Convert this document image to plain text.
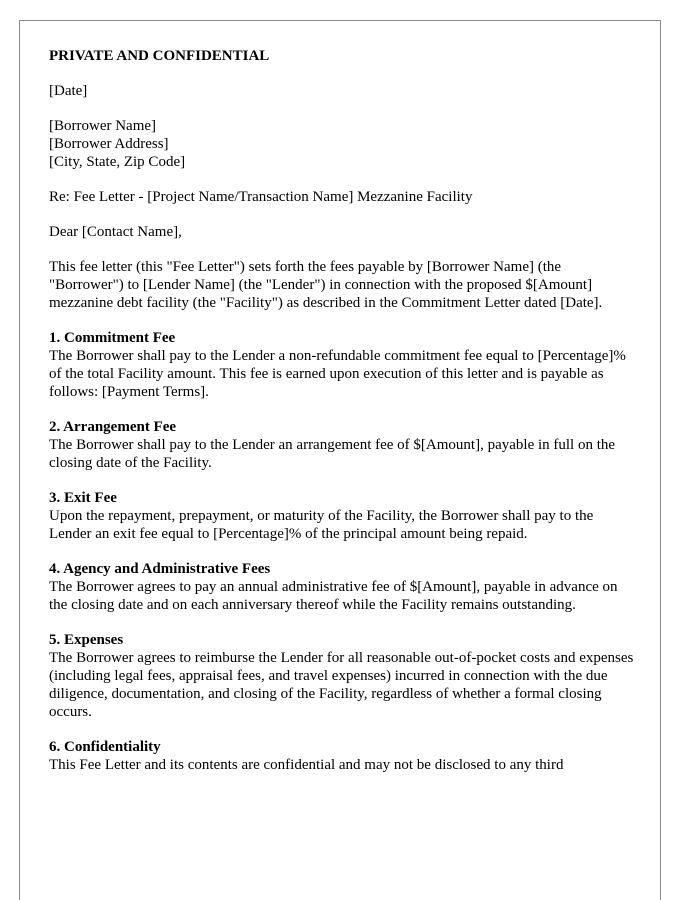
PRIVATE AND CONFIDENTIAL

[Date]

[Borrower Name]
[Borrower Address]
[City, State, Zip Code]

Re: Fee Letter - [Project Name/Transaction Name] Mezzanine Facility

Dear [Contact Name],

This fee letter (this "Fee Letter") sets forth the fees payable by [Borrower Name] (the "Borrower") to [Lender Name] (the "Lender") in connection with the proposed $[Amount] mezzanine debt facility (the "Facility") as described in the Commitment Letter dated [Date].

1. Commitment Fee
The Borrower shall pay to the Lender a non-refundable commitment fee equal to [Percentage]% of the total Facility amount. This fee is earned upon execution of this letter and is payable as follows: [Payment Terms].
2. Arrangement Fee
The Borrower shall pay to the Lender an arrangement fee of $[Amount], payable in full on the closing date of the Facility.
3. Exit Fee
Upon the repayment, prepayment, or maturity of the Facility, the Borrower shall pay to the Lender an exit fee equal to [Percentage]% of the principal amount being repaid.
4. Agency and Administrative Fees
The Borrower agrees to pay an annual administrative fee of $[Amount], payable in advance on the closing date and on each anniversary thereof while the Facility remains outstanding.
5. Expenses
The Borrower agrees to reimburse the Lender for all reasonable out-of-pocket costs and expenses (including legal fees, appraisal fees, and travel expenses) incurred in connection with the due diligence, documentation, and closing of the Facility, regardless of whether a formal closing occurs.
6. Confidentiality
This Fee Letter and its contents are confidential and may not be disclosed to any third
